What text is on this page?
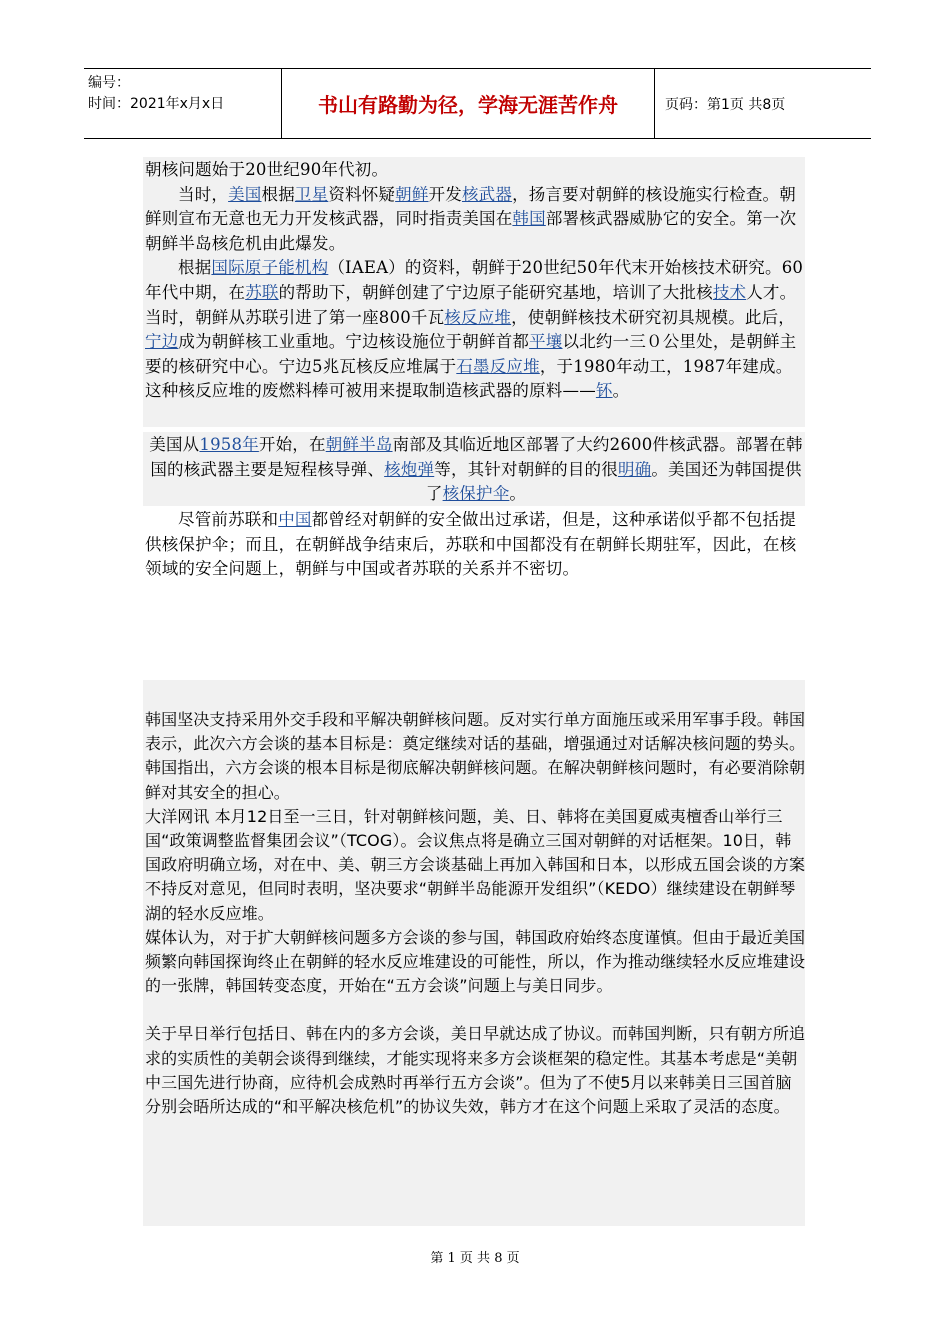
编号：
时间：2021年x月x日	书山有路勤为径，学海无涯苦作舟	页码：第1页 共8页

朝核问题始于20世纪90年代初。

当时，美国根据卫星资料怀疑朝鲜开发核武器，扬言要对朝鲜的核设施实行检查。朝鲜则宣布无意也无力开发核武器，同时指责美国在韩国部署核武器威胁它的安全。第一次朝鲜半岛核危机由此爆发。

根据国际原子能机构（IAEA）的资料，朝鲜于20世纪50年代末开始核技术研究。60年代中期，在苏联的帮助下，朝鲜创建了宁边原子能研究基地，培训了大批核技术人才。当时，朝鲜从苏联引进了第一座800千瓦核反应堆，使朝鲜核技术研究初具规模。此后，宁边成为朝鲜核工业重地。宁边核设施位于朝鲜首都平壤以北约一三０公里处，是朝鲜主要的核研究中心。宁边5兆瓦核反应堆属于石墨反应堆，于1980年动工，1987年建成。这种核反应堆的废燃料棒可被用来提取制造核武器的原料——钚。

美国从1958年开始，在朝鲜半岛南部及其临近地区部署了大约2600件核武器。部署在韩国的核武器主要是短程核导弹、核炮弹等，其针对朝鲜的目的很明确。美国还为韩国提供了核保护伞。

尽管前苏联和中国都曾经对朝鲜的安全做出过承诺，但是，这种承诺似乎都不包括提供核保护伞；而且，在朝鲜战争结束后，苏联和中国都没有在朝鲜长期驻军，因此，在核领域的安全问题上，朝鲜与中国或者苏联的关系并不密切。

韩国坚决支持采用外交手段和平解决朝鲜核问题。反对实行单方面施压或采用军事手段。韩国表示，此次六方会谈的基本目标是：奠定继续对话的基础，增强通过对话解决核问题的势头。韩国指出，六方会谈的根本目标是彻底解决朝鲜核问题。在解决朝鲜核问题时，有必要消除朝鲜对其安全的担心。

大洋网讯 本月12日至一三日，针对朝鲜核问题，美、日、韩将在美国夏威夷檀香山举行三国“政策调整监督集团会议”（TCOG）。会议焦点将是确立三国对朝鲜的对话框架。10日，韩国政府明确立场，对在中、美、朝三方会谈基础上再加入韩国和日本，以形成五国会谈的方案不持反对意见，但同时表明，坚决要求“朝鲜半岛能源开发组织”（KEDO）继续建设在朝鲜琴湖的轻水反应堆。

媒体认为，对于扩大朝鲜核问题多方会谈的参与国，韩国政府始终态度谨慎。但由于最近美国频繁向韩国探询终止在朝鲜的轻水反应堆建设的可能性，所以，作为推动继续轻水反应堆建设的一张牌，韩国转变态度，开始在“五方会谈”问题上与美日同步。

关于早日举行包括日、韩在内的多方会谈，美日早就达成了协议。而韩国判断，只有朝方所追求的实质性的美朝会谈得到继续，才能实现将来多方会谈框架的稳定性。其基本考虑是“美朝中三国先进行协商，应待机会成熟时再举行五方会谈”。但为了不使5月以来韩美日三国首脑分别会晤所达成的“和平解决核危机”的协议失效，韩方才在这个问题上采取了灵活的态度。

第 1 页 共 8 页
